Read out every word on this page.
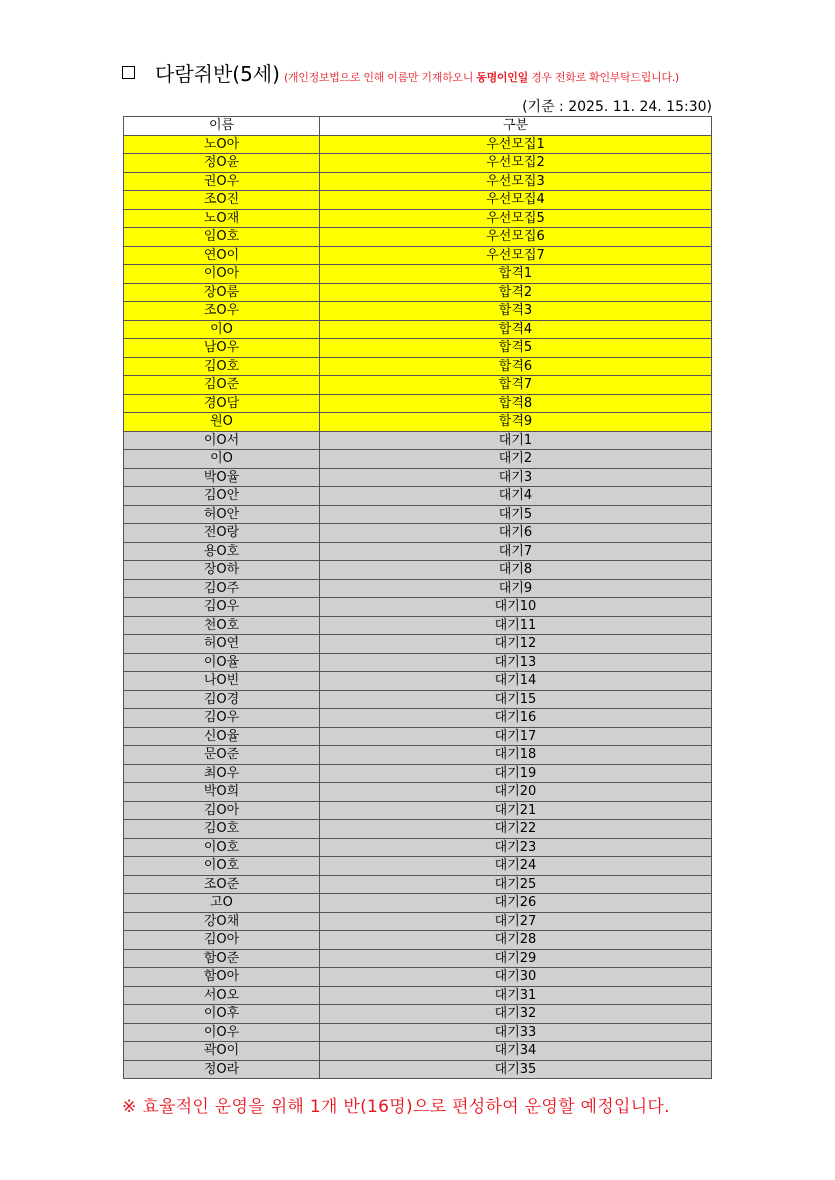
다람쥐반(5세) (개인정보법으로 인해 이름만 기재하오니 동명이인일 경우 전화로 확인부탁드립니다.)
(기준 : 2025. 11. 24. 15:30)
이름	구분
노O아	우선모집1
정O윤	우선모집2
권O우	우선모집3
조O진	우선모집4
노O재	우선모집5
임O호	우선모집6
연O이	우선모집7
이O아	합격1
장O룸	합격2
조O우	합격3
이O	합격4
남O우	합격5
김O호	합격6
김O준	합격7
경O담	합격8
원O	합격9
이O서	대기1
이O	대기2
박O율	대기3
김O안	대기4
허O안	대기5
전O랑	대기6
용O호	대기7
장O하	대기8
김O주	대기9
김O우	대기10
천O호	대기11
허O연	대기12
이O율	대기13
나O빈	대기14
김O경	대기15
김O우	대기16
신O율	대기17
문O준	대기18
최O우	대기19
박O희	대기20
김O아	대기21
김O호	대기22
이O호	대기23
이O호	대기24
조O준	대기25
고O	대기26
강O채	대기27
김O아	대기28
함O준	대기29
함O아	대기30
서O오	대기31
이O후	대기32
이O우	대기33
곽O이	대기34
정O라	대기35
※ 효율적인 운영을 위해 1개 반(16명)으로 편성하여 운영할 예정입니다.
